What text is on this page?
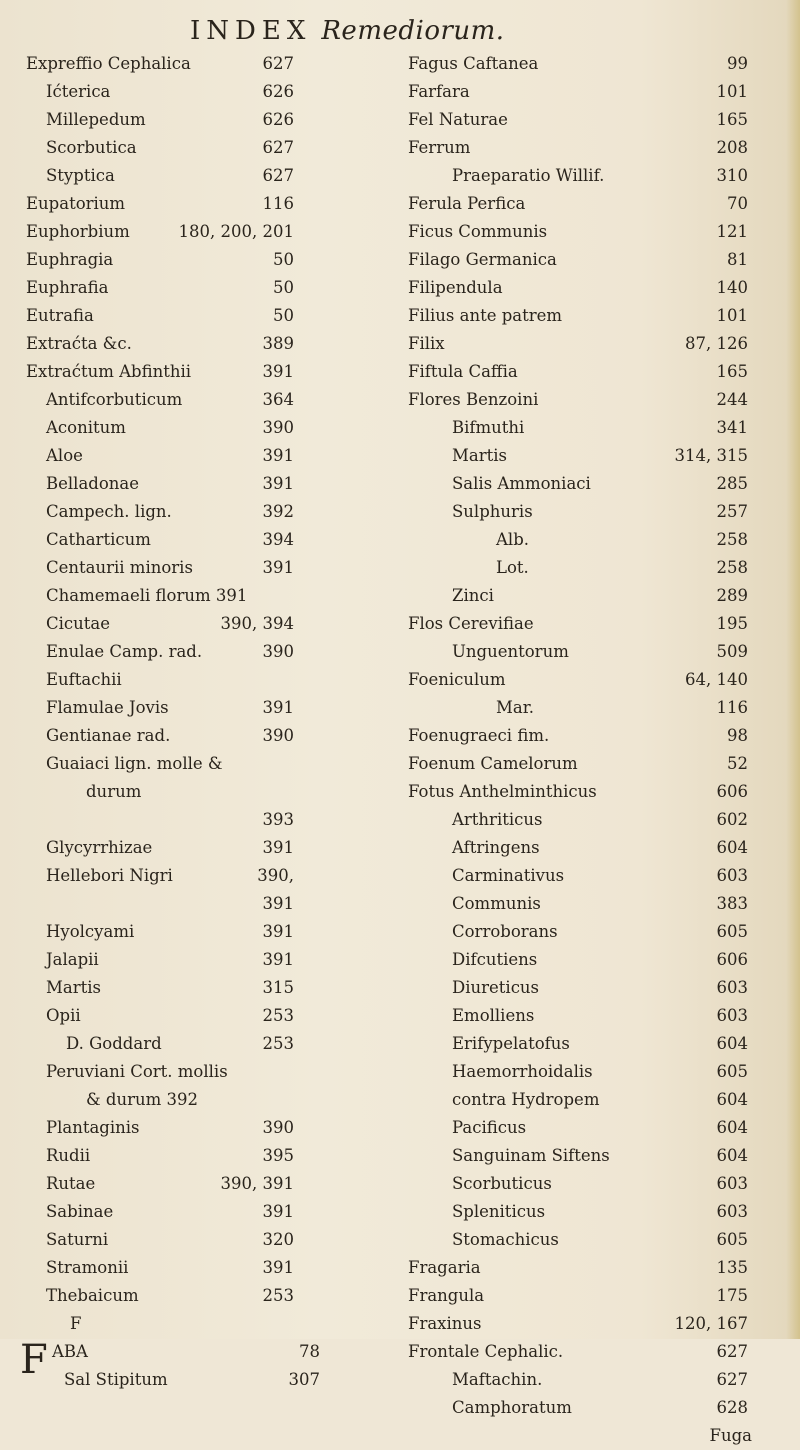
INDEX Remediorum.
Expreffio Cephalica	627
Ićterica	626
Millepedum	626
Scorbutica	627
Styptica	627
Eupatorium	116
Euphorbium	180, 200, 201
Euphragia	50
Euphrafia	50
Eutrafia	50
Extraćta &c.	389
Extraćtum Abfinthii	391
Antifcorbuticum	364
Aconitum	390
Aloe	391
Belladonae	391
Campech. lign.	392
Catharticum	394
Centaurii minoris	391
Chamemaeli florum 391
Cicutae	390, 394
Enulae Camp. rad.	390
Euftachii
Flamulae Jovis	391
Gentianae rad.	390
Guaiaci lign. molle &
durum
393
Glycyrrhizae	391
Hellebori Nigri	390,
391
Hyolcyami	391
Jalapii	391
Martis	315
Opii	253
D. Goddard	253
Peruviani Cort. mollis
& durum 392
Plantaginis	390
Rudii	395
Rutae	390, 391
Sabinae	391
Saturni	320
Stramonii	391
Thebaicum	253
F
F ABA	78
Sal Stipitum	307
Fagus Caftanea	99
Farfara	101
Fel Naturae	165
Ferrum	208
Praeparatio Willif.	310
Ferula Perfica	70
Ficus Communis	121
Filago Germanica	81
Filipendula	140
Filius ante patrem	101
Filix	87, 126
Fiftula Caffia	165
Flores Benzoini	244
Bifmuthi	341
Martis	314, 315
Salis Ammoniaci	285
Sulphuris	257
Alb.	258
Lot.	258
Zinci	289
Flos Cerevifiae	195
Unguentorum	509
Foeniculum	64, 140
Mar.	116
Foenugraeci fim.	98
Foenum Camelorum	52
Fotus Anthelminthicus	606
Arthriticus	602
Aftringens	604
Carminativus	603
Communis	383
Corroborans	605
Difcutiens	606
Diureticus	603
Emolliens	603
Erifypelatofus	604
Haemorrhoidalis	605
contra Hydropem	604
Pacificus	604
Sanguinam Siftens	604
Scorbuticus	603
Spleniticus	603
Stomachicus	605
Fragaria	135
Frangula	175
Fraxinus	120, 167
Frontale Cephalic.	627
Maftachin.	627
Camphoratum	628
Fuga
